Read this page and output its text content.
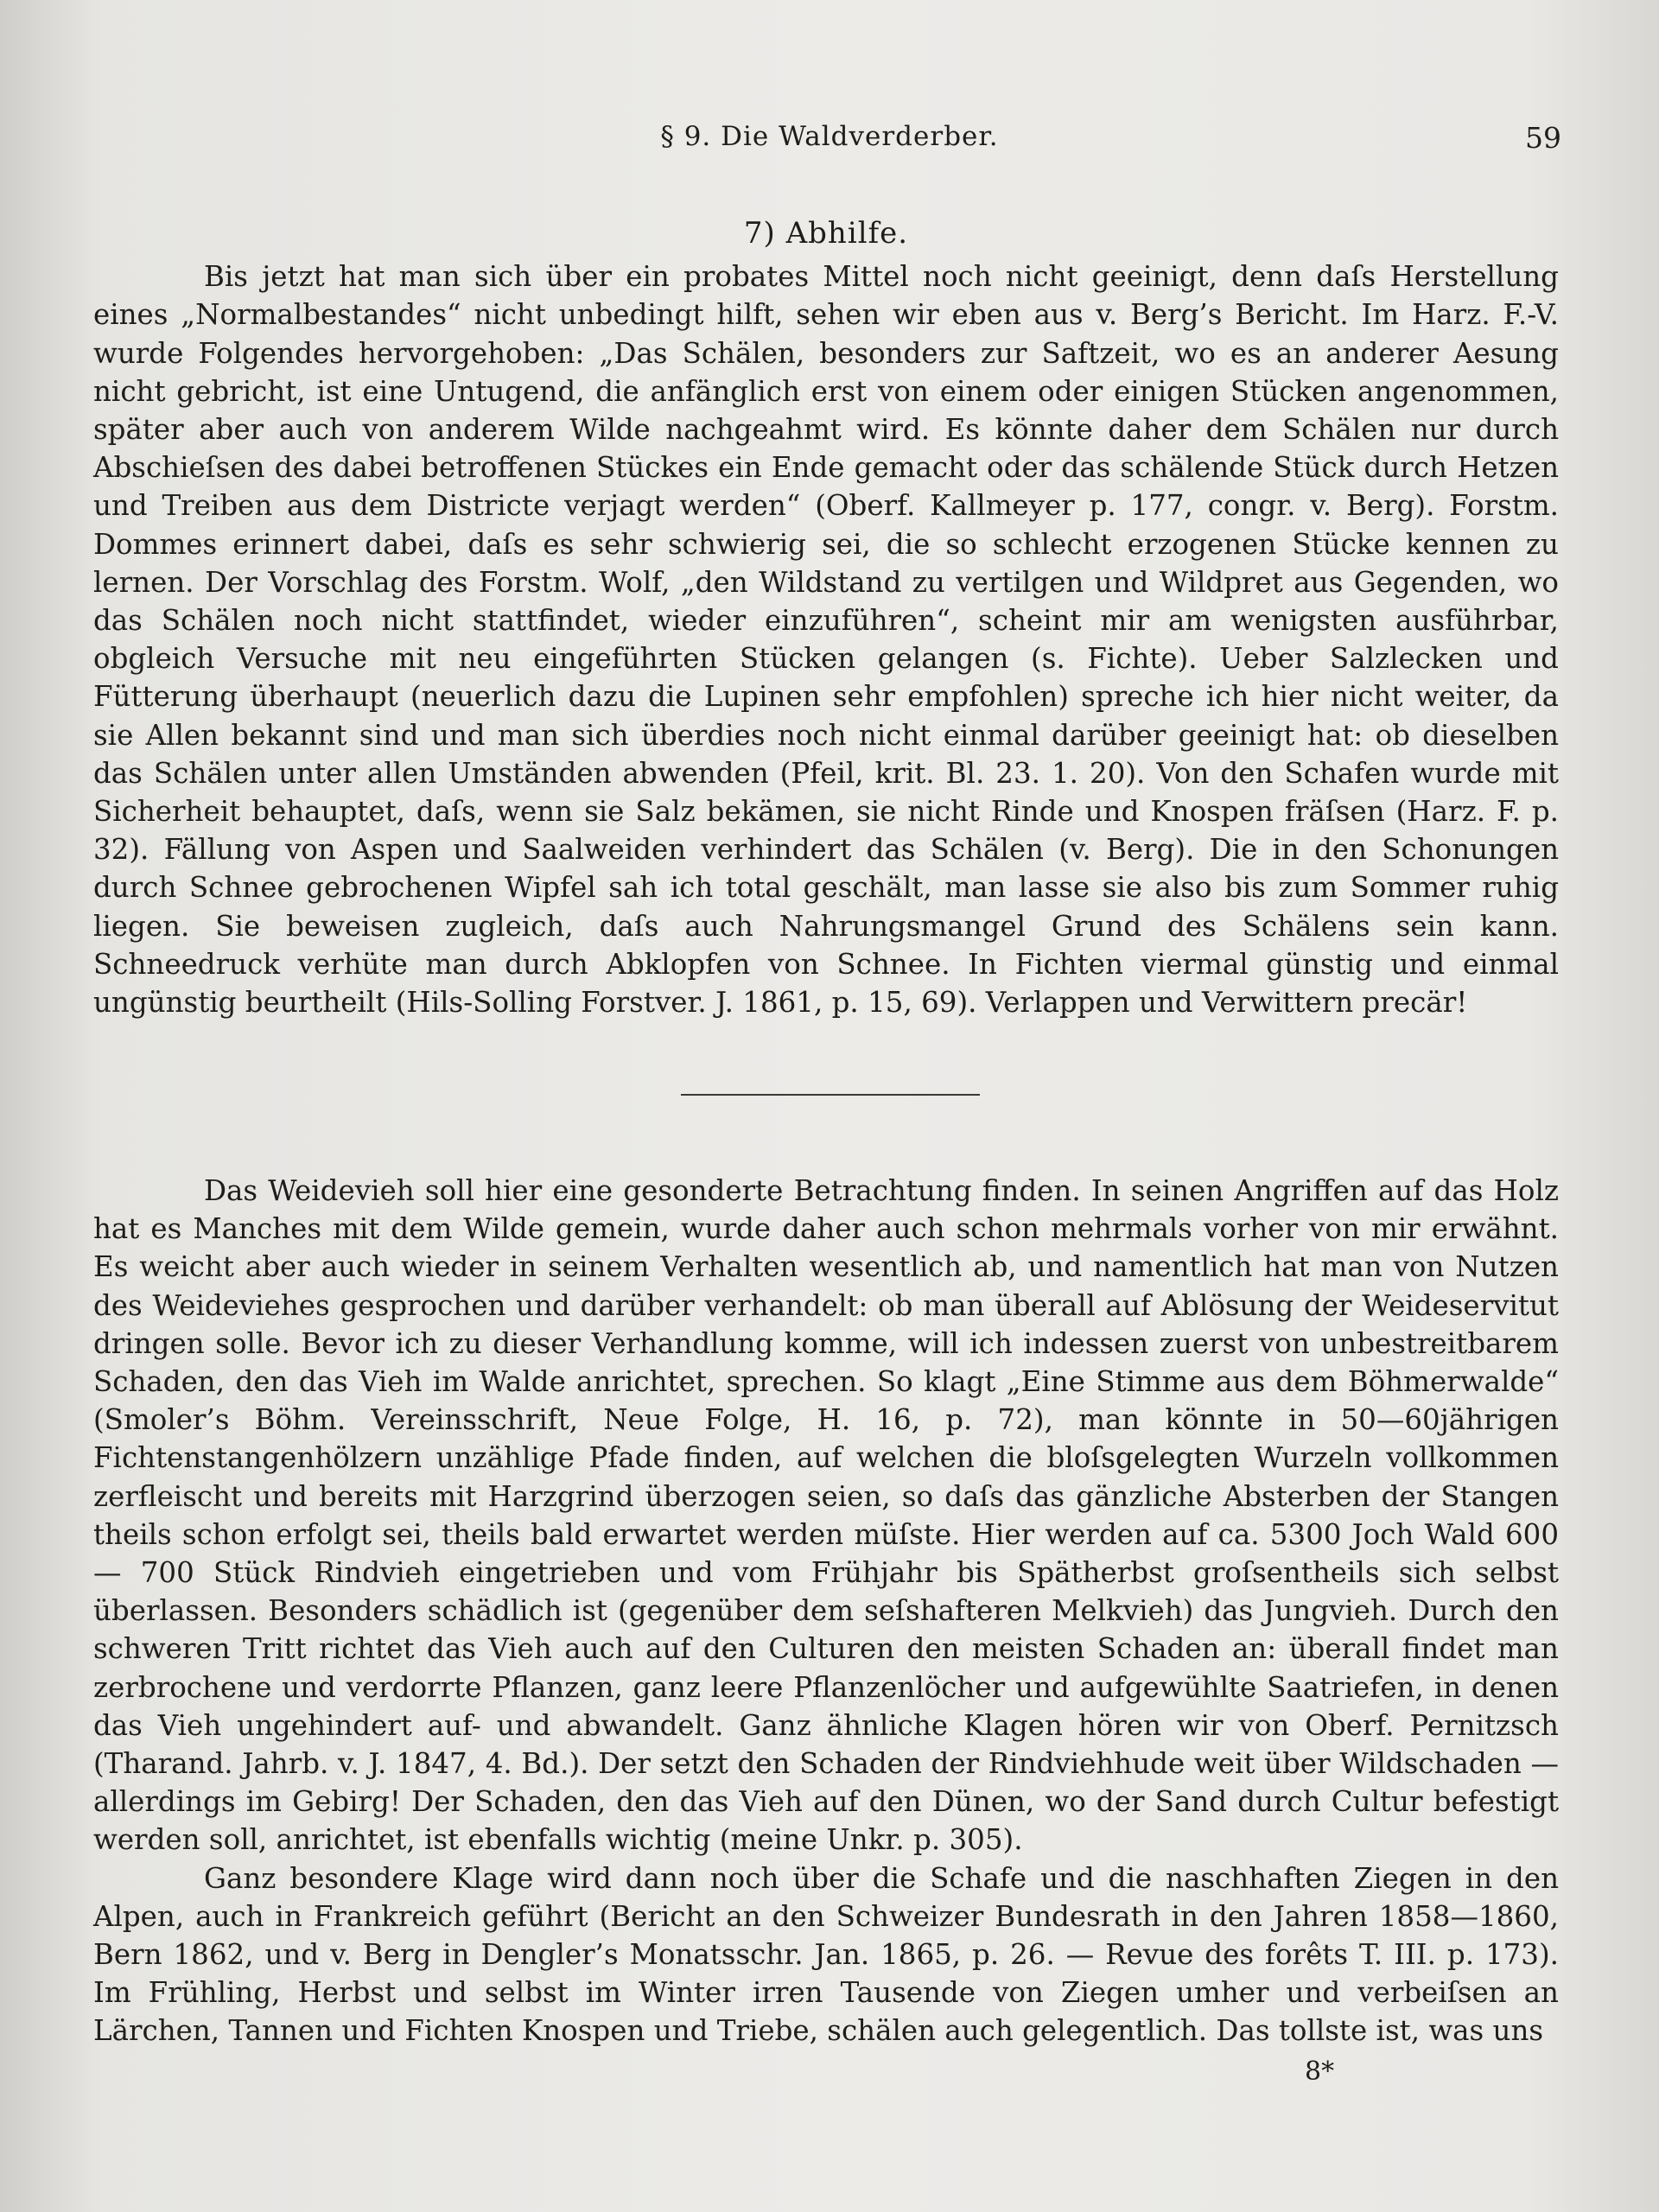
§ 9. Die Waldverderber.	59
7) Abhilfe.

Bis jetzt hat man sich über ein probates Mittel noch nicht geeinigt, denn daſs Herstellung eines „Normalbestandes“ nicht unbedingt hilft, sehen wir eben aus v. Berg’s Bericht. Im Harz. F.-V. wurde Folgendes hervorgehoben: „Das Schälen, besonders zur Saftzeit, wo es an anderer Aesung nicht gebricht, ist eine Untugend, die anfänglich erst von einem oder einigen Stücken angenommen, später aber auch von anderem Wilde nachgeahmt wird. Es könnte daher dem Schälen nur durch Abschieſsen des dabei betroffenen Stückes ein Ende gemacht oder das schälende Stück durch Hetzen und Treiben aus dem Districte verjagt werden“ (Oberf. Kallmeyer p. 177, congr. v. Berg). Forstm. Dommes erinnert dabei, daſs es sehr schwierig sei, die so schlecht erzogenen Stücke kennen zu lernen. Der Vorschlag des Forstm. Wolf, „den Wildstand zu vertilgen und Wildpret aus Gegenden, wo das Schälen noch nicht stattfindet, wieder einzuführen“, scheint mir am wenigsten ausführbar, obgleich Versuche mit neu eingeführten Stücken gelangen (s. Fichte). Ueber Salzlecken und Fütterung überhaupt (neuerlich dazu die Lupinen sehr empfohlen) spreche ich hier nicht weiter, da sie Allen bekannt sind und man sich überdies noch nicht einmal darüber geeinigt hat: ob dieselben das Schälen unter allen Umständen abwenden (Pfeil, krit. Bl. 23. 1. 20). Von den Schafen wurde mit Sicherheit behauptet, daſs, wenn sie Salz bekämen, sie nicht Rinde und Knospen fräſsen (Harz. F. p. 32). Fällung von Aspen und Saalweiden verhindert das Schälen (v. Berg). Die in den Schonungen durch Schnee gebrochenen Wipfel sah ich total geschält, man lasse sie also bis zum Sommer ruhig liegen. Sie beweisen zugleich, daſs auch Nahrungsmangel Grund des Schälens sein kann. Schneedruck verhüte man durch Abklopfen von Schnee. In Fichten viermal günstig und einmal ungünstig beurtheilt (Hils-Solling Forstver. J. 1861, p. 15, 69). Verlappen und Verwittern precär!

Das Weidevieh soll hier eine gesonderte Betrachtung finden. In seinen Angriffen auf das Holz hat es Manches mit dem Wilde gemein, wurde daher auch schon mehrmals vorher von mir erwähnt. Es weicht aber auch wieder in seinem Verhalten wesentlich ab, und namentlich hat man von Nutzen des Weideviehes gesprochen und darüber verhandelt: ob man überall auf Ablösung der Weideservitut dringen solle. Bevor ich zu dieser Verhandlung komme, will ich indessen zuerst von unbestreitbarem Schaden, den das Vieh im Walde anrichtet, sprechen. So klagt „Eine Stimme aus dem Böhmerwalde“ (Smoler’s Böhm. Vereinsschrift, Neue Folge, H. 16, p. 72), man könnte in 50—60jährigen Fichtenstangenhölzern unzählige Pfade finden, auf welchen die bloſsgelegten Wurzeln vollkommen zerfleischt und bereits mit Harzgrind überzogen seien, so daſs das gänzliche Absterben der Stangen theils schon erfolgt sei, theils bald erwartet werden müſste. Hier werden auf ca. 5300 Joch Wald 600 — 700 Stück Rindvieh eingetrieben und vom Frühjahr bis Spätherbst groſsentheils sich selbst überlassen. Besonders schädlich ist (gegenüber dem seſshafteren Melkvieh) das Jungvieh. Durch den schweren Tritt richtet das Vieh auch auf den Culturen den meisten Schaden an: überall findet man zerbrochene und verdorrte Pflanzen, ganz leere Pflanzenlöcher und aufgewühlte Saatriefen, in denen das Vieh ungehindert auf- und abwandelt. Ganz ähnliche Klagen hören wir von Oberf. Pernitzsch (Tharand. Jahrb. v. J. 1847, 4. Bd.). Der setzt den Schaden der Rindviehhude weit über Wildschaden — allerdings im Gebirg! Der Schaden, den das Vieh auf den Dünen, wo der Sand durch Cultur befestigt werden soll, anrichtet, ist ebenfalls wichtig (meine Unkr. p. 305).

Ganz besondere Klage wird dann noch über die Schafe und die naschhaften Ziegen in den Alpen, auch in Frankreich geführt (Bericht an den Schweizer Bundesrath in den Jahren 1858—1860, Bern 1862, und v. Berg in Dengler’s Monatsschr. Jan. 1865, p. 26. — Revue des forêts T. III. p. 173). Im Frühling, Herbst und selbst im Winter irren Tausende von Ziegen umher und verbeiſsen an Lärchen, Tannen und Fichten Knospen und Triebe, schälen auch gelegentlich. Das tollste ist, was uns

8*
